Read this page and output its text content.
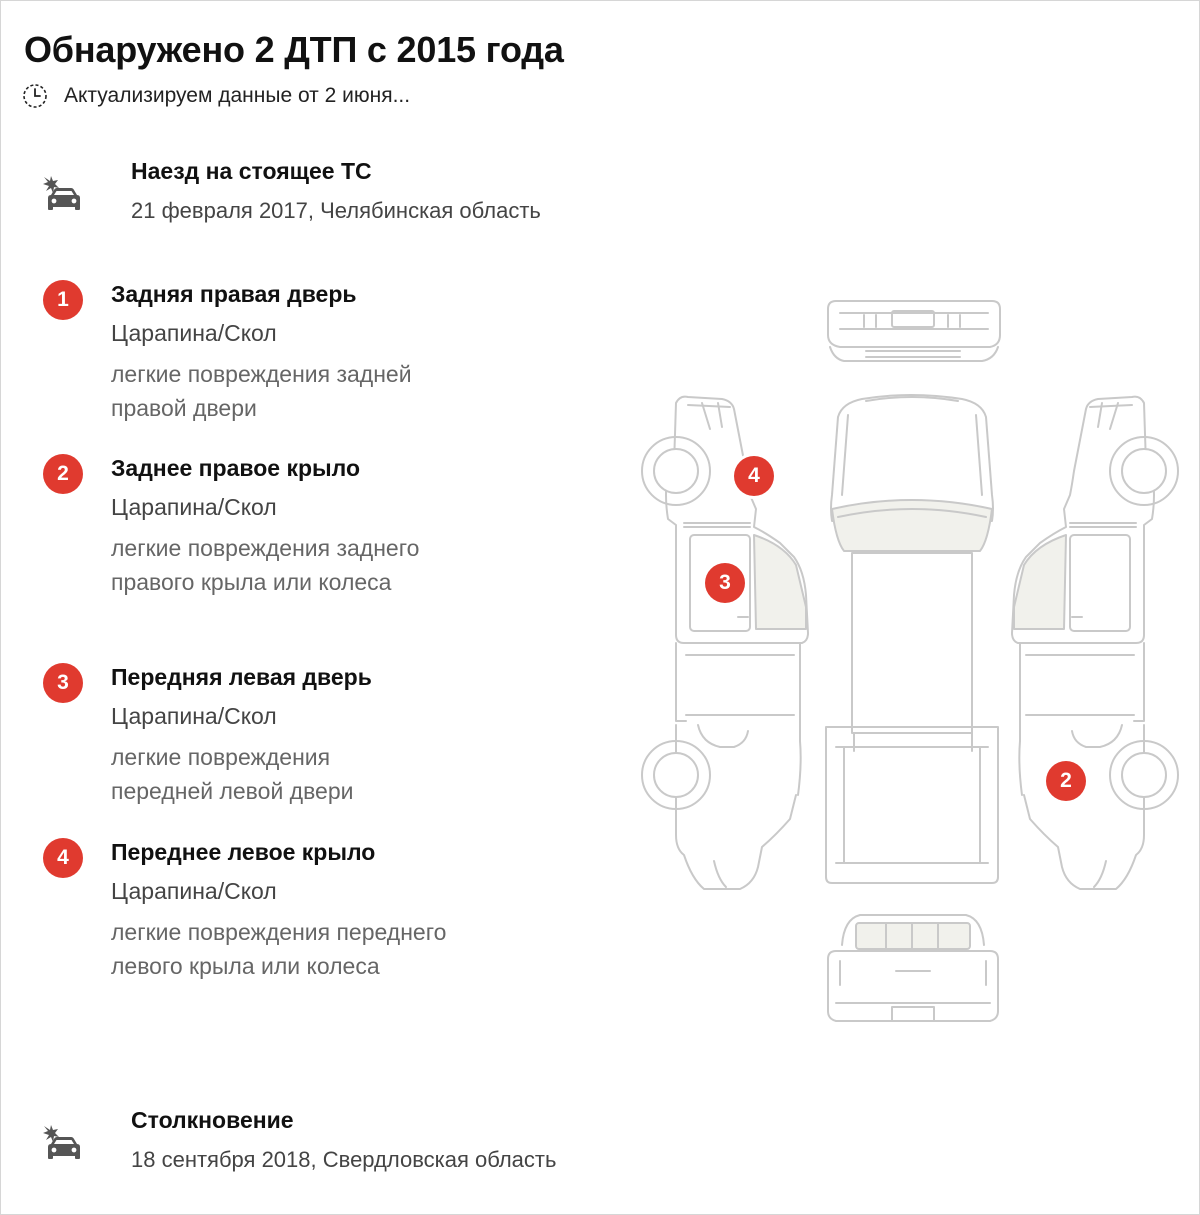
Обнаружено 2 ДТП с 2015 года
Актуализируем данные от 2 июня...
Наезд на стоящее ТС
21 февраля 2017, Челябинская область
1	Задняя правая дверь
Царапина/Скол
легкие повреждения задней правой двери
2	Заднее правое крыло
Царапина/Скол
легкие повреждения заднего правого крыла или колеса
3	Передняя левая дверь
Царапина/Скол
легкие повреждения передней левой двери
4	Переднее левое крыло
Царапина/Скол
легкие повреждения переднего левого крыла или колеса
4
3
2
Столкновение
18 сентября 2018, Свердловская область
